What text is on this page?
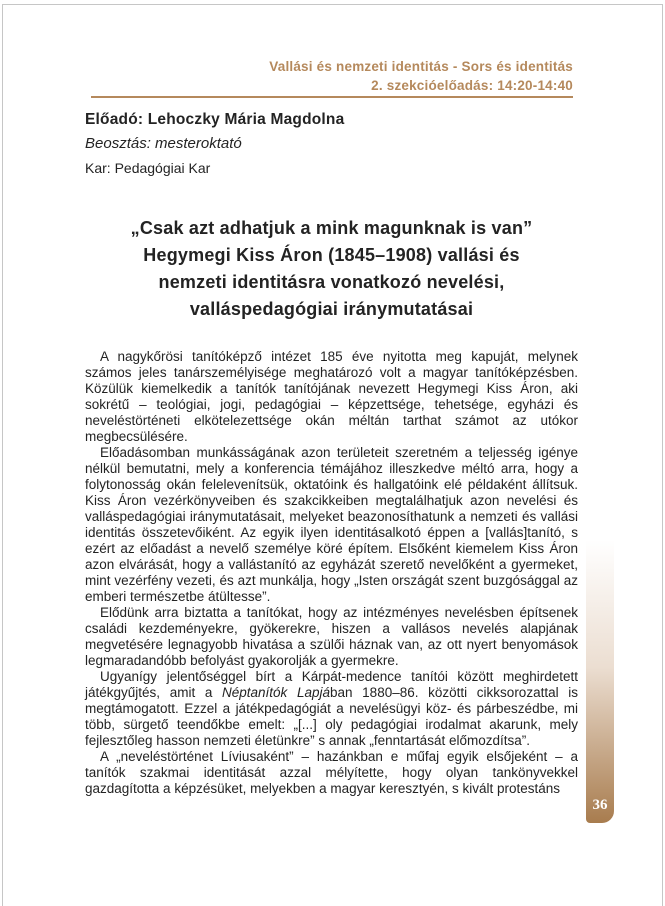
Vallási és nemzeti identitás - Sors és identitás
2. szekcióelőadás: 14:20-14:40
Előadó: Lehoczky Mária Magdolna
Beosztás: mesteroktató
Kar: Pedagógiai Kar
„Csak azt adhatjuk a mink magunknak is van”
Hegymegi Kiss Áron (1845–1908) vallási és
nemzeti identitásra vonatkozó nevelési,
valláspedagógiai iránymutatásai

A nagykőrösi tanítóképző intézet 185 éve nyitotta meg kapuját, melynek számos jeles tanárszemélyisége meghatározó volt a magyar tanítóképzésben. Közülük kiemelkedik a tanítók tanítójának nevezett Hegymegi Kiss Áron, aki sokrétű – teológiai, jogi, pedagógiai – képzettsége, tehetsége, egyházi és neveléstörténeti elkötelezettsége okán méltán tarthat számot az utókor megbecsülésére.

Előadásomban munkásságának azon területeit szeretném a teljesség igénye nélkül bemutatni, mely a konferencia témájához illeszkedve méltó arra, hogy a folytonosság okán felelevenítsük, oktatóink és hallgatóink elé példaként állítsuk. Kiss Áron vezérkönyveiben és szakcikkeiben megtalálhatjuk azon nevelési és valláspedagógiai iránymutatásait, melyeket beazonosíthatunk a nemzeti és vallási identitás összetevőiként. Az egyik ilyen identitásalkotó éppen a [vallás]tanító, s ezért az előadást a nevelő személye köré építem. Elsőként kiemelem Kiss Áron azon elvárását, hogy a vallástanító az egyházát szerető nevelőként a gyermeket, mint vezérfény vezeti, és azt munkálja, hogy „Isten országát szent buzgósággal az emberi természetbe átültesse”.

Elődünk arra biztatta a tanítókat, hogy az intézményes nevelésben építsenek családi kezdeményekre, gyökerekre, hiszen a vallásos nevelés alapjának megvetésére legnagyobb hivatása a szülői háznak van, az ott nyert benyomások legmaradandóbb befolyást gyakorolják a gyermekre.

Ugyanígy jelentőséggel bírt a Kárpát-medence tanítói között meghirdetett játékgyűjtés, amit a Néptanítók Lapjában 1880–86. közötti cikksorozattal is megtámogatott. Ezzel a játékpedagógiát a nevelésügyi köz- és párbeszédbe, mi több, sürgető teendőkbe emelt: „[...] oly pedagógiai irodalmat akarunk, mely fejlesztőleg hasson nemzeti életünkre” s annak „fenntartását előmozdítsa”.

A „neveléstörténet Líviusaként” – hazánkban e műfaj egyik elsőjeként – a tanítók szakmai identitását azzal mélyítette, hogy olyan tankönyvekkel gazdagította a képzésüket, melyekben a magyar keresztyén, s kivált protestáns

36
